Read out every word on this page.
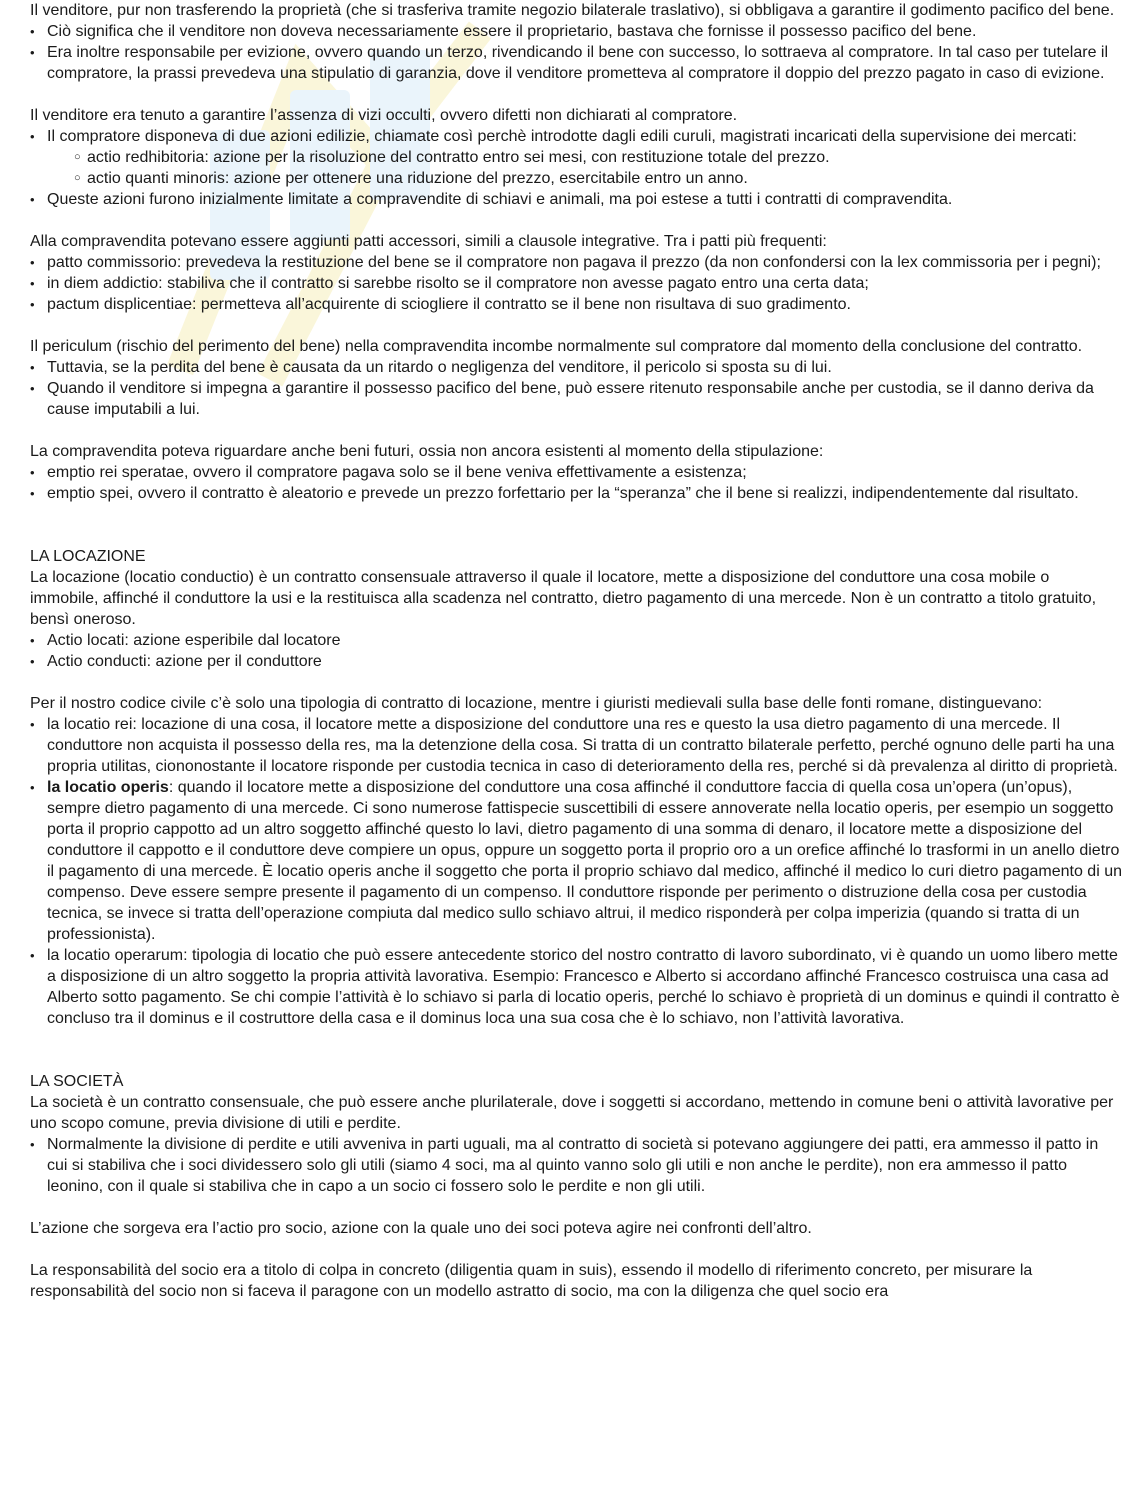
Il venditore, pur non trasferendo la proprietà (che si trasferiva tramite negozio bilaterale traslativo), si obbligava a garantire il godimento pacifico del bene.

• Ciò significa che il venditore non doveva necessariamente essere il proprietario, bastava che fornisse il possesso pacifico del bene.
• Era inoltre responsabile per evizione, ovvero quando un terzo, rivendicando il bene con successo, lo sottraeva al compratore. In tal caso per tutelare il compratore, la prassi prevedeva una stipulatio di garanzia, dove il venditore prometteva al compratore il doppio del prezzo pagato in caso di evizione.

Il venditore era tenuto a garantire l’assenza di vizi occulti, ovvero difetti non dichiarati al compratore.

• Il compratore disponeva di due azioni edilizie, chiamate così perchè introdotte dagli edili curuli, magistrati incaricati della supervisione dei mercati:
○ actio redhibitoria: azione per la risoluzione del contratto entro sei mesi, con restituzione totale del prezzo.
○ actio quanti minoris: azione per ottenere una riduzione del prezzo, esercitabile entro un anno.
• Queste azioni furono inizialmente limitate a compravendite di schiavi e animali, ma poi estese a tutti i contratti di compravendita.

Alla compravendita potevano essere aggiunti patti accessori, simili a clausole integrative. Tra i patti più frequenti:

• patto commissorio: prevedeva la restituzione del bene se il compratore non pagava il prezzo (da non confondersi con la lex commissoria per i pegni);
• in diem addictio: stabiliva che il contratto si sarebbe risolto se il compratore non avesse pagato entro una certa data;
• pactum displicentiae: permetteva all’acquirente di sciogliere il contratto se il bene non risultava di suo gradimento.

Il periculum (rischio del perimento del bene) nella compravendita incombe normalmente sul compratore dal momento della conclusione del contratto.

• Tuttavia, se la perdita del bene è causata da un ritardo o negligenza del venditore, il pericolo si sposta su di lui.
• Quando il venditore si impegna a garantire il possesso pacifico del bene, può essere ritenuto responsabile anche per custodia, se il danno deriva da cause imputabili a lui.

La compravendita poteva riguardare anche beni futuri, ossia non ancora esistenti al momento della stipulazione:

• emptio rei speratae, ovvero il compratore pagava solo se il bene veniva effettivamente a esistenza;
• emptio spei, ovvero il contratto è aleatorio e prevede un prezzo forfettario per la “speranza” che il bene si realizzi, indipendentemente dal risultato.

LA LOCAZIONE

La locazione (locatio conductio) è un contratto consensuale attraverso il quale il locatore, mette a disposizione del conduttore una cosa mobile o immobile, affinché il conduttore la usi e la restituisca alla scadenza nel contratto, dietro pagamento di una mercede. Non è un contratto a titolo gratuito, bensì oneroso.

• Actio locati: azione esperibile dal locatore
• Actio conducti: azione per il conduttore

Per il nostro codice civile c’è solo una tipologia di contratto di locazione, mentre i giuristi medievali sulla base delle fonti romane, distinguevano:

• la locatio rei: locazione di una cosa, il locatore mette a disposizione del conduttore una res e questo la usa dietro pagamento di una mercede. Il conduttore non acquista il possesso della res, ma la detenzione della cosa. Si tratta di un contratto bilaterale perfetto, perché ognuno delle parti ha una propria utilitas, ciononostante il locatore risponde per custodia tecnica in caso di deterioramento della res, perché si dà prevalenza al diritto di proprietà.
• la locatio operis: quando il locatore mette a disposizione del conduttore una cosa affinché il conduttore faccia di quella cosa un’opera (un’opus), sempre dietro pagamento di una mercede. Ci sono numerose fattispecie suscettibili di essere annoverate nella locatio operis, per esempio un soggetto porta il proprio cappotto ad un altro soggetto affinché questo lo lavi, dietro pagamento di una somma di denaro, il locatore mette a disposizione del conduttore il cappotto e il conduttore deve compiere un opus, oppure un soggetto porta il proprio oro a un orefice affinché lo trasformi in un anello dietro il pagamento di una mercede. È locatio operis anche il soggetto che porta il proprio schiavo dal medico, affinché il medico lo curi dietro pagamento di un compenso. Deve essere sempre presente il pagamento di un compenso. Il conduttore risponde per perimento o distruzione della cosa per custodia tecnica, se invece si tratta dell’operazione compiuta dal medico sullo schiavo altrui, il medico risponderà per colpa imperizia (quando si tratta di un professionista).
• la locatio operarum: tipologia di locatio che può essere antecedente storico del nostro contratto di lavoro subordinato, vi è quando un uomo libero mette a disposizione di un altro soggetto la propria attività lavorativa. Esempio: Francesco e Alberto si accordano affinché Francesco costruisca una casa ad Alberto sotto pagamento. Se chi compie l’attività è lo schiavo si parla di locatio operis, perché lo schiavo è proprietà di un dominus e quindi il contratto è concluso tra il dominus e il costruttore della casa e il dominus loca una sua cosa che è lo schiavo, non l’attività lavorativa.

LA SOCIETÀ

La società è un contratto consensuale, che può essere anche plurilaterale, dove i soggetti si accordano, mettendo in comune beni o attività lavorative per uno scopo comune, previa divisione di utili e perdite.

• Normalmente la divisione di perdite e utili avveniva in parti uguali, ma al contratto di società si potevano aggiungere dei patti, era ammesso il patto in cui si stabiliva che i soci dividessero solo gli utili (siamo 4 soci, ma al quinto vanno solo gli utili e non anche le perdite), non era ammesso il patto leonino, con il quale si stabiliva che in capo a un socio ci fossero solo le perdite e non gli utili.

L’azione che sorgeva era l’actio pro socio, azione con la quale uno dei soci poteva agire nei confronti dell’altro.

La responsabilità del socio era a titolo di colpa in concreto (diligentia quam in suis), essendo il modello di riferimento concreto, per misurare la responsabilità del socio non si faceva il paragone con un modello astratto di socio, ma con la diligenza che quel socio era
